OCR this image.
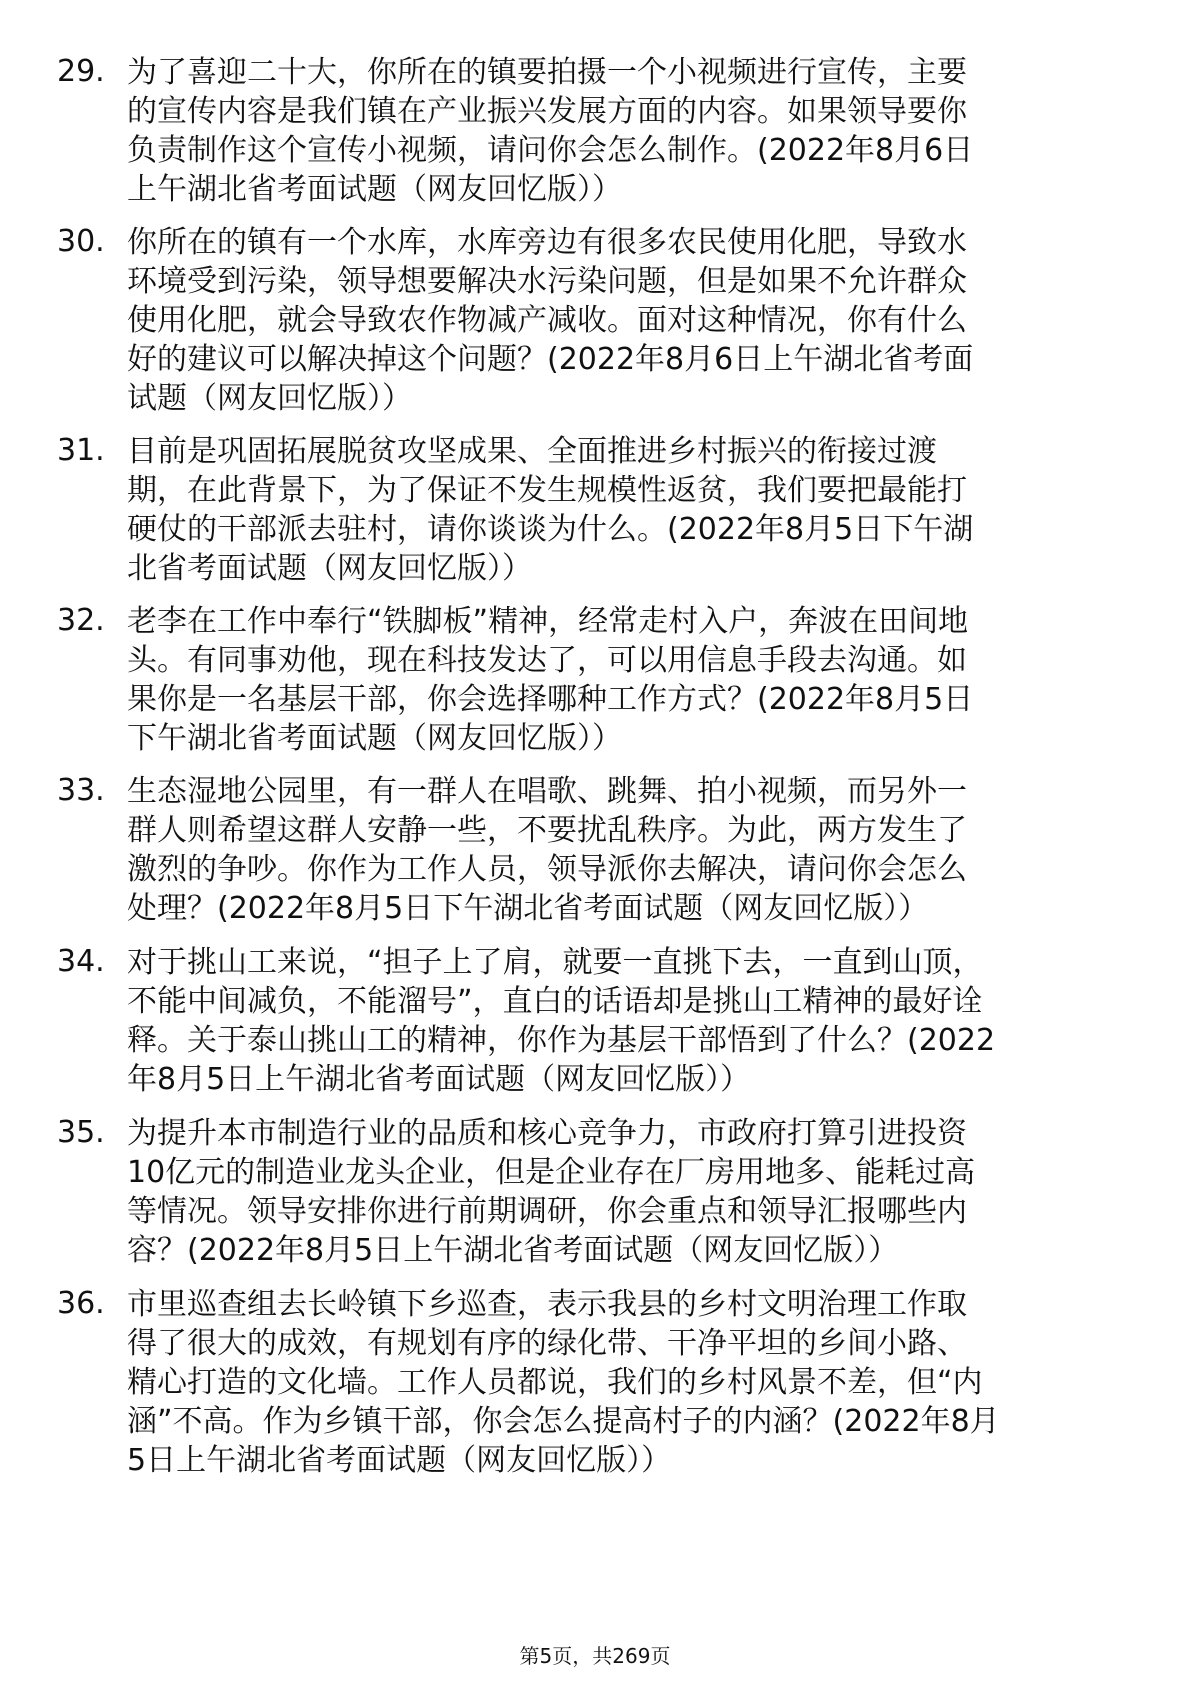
29. 为了喜迎二十大，你所在的镇要拍摄一个小视频进行宣传，主要
的宣传内容是我们镇在产业振兴发展方面的内容。如果领导要你
负责制作这个宣传小视频，请问你会怎么制作。(2022年8月6日
上午湖北省考面试题（网友回忆版））
30. 你所在的镇有一个水库，水库旁边有很多农民使用化肥，导致水
环境受到污染，领导想要解决水污染问题，但是如果不允许群众
使用化肥，就会导致农作物减产减收。面对这种情况，你有什么
好的建议可以解决掉这个问题？(2022年8月6日上午湖北省考面
试题（网友回忆版））
31. 目前是巩固拓展脱贫攻坚成果、全面推进乡村振兴的衔接过渡
期，在此背景下，为了保证不发生规模性返贫，我们要把最能打
硬仗的干部派去驻村，请你谈谈为什么。(2022年8月5日下午湖
北省考面试题（网友回忆版））
32. 老李在工作中奉行“铁脚板”精神，经常走村入户，奔波在田间地
头。有同事劝他，现在科技发达了，可以用信息手段去沟通。如
果你是一名基层干部，你会选择哪种工作方式？(2022年8月5日
下午湖北省考面试题（网友回忆版））
33. 生态湿地公园里，有一群人在唱歌、跳舞、拍小视频，而另外一
群人则希望这群人安静一些，不要扰乱秩序。为此，两方发生了
激烈的争吵。你作为工作人员，领导派你去解决，请问你会怎么
处理？(2022年8月5日下午湖北省考面试题（网友回忆版））
34. 对于挑山工来说，“担子上了肩，就要一直挑下去，一直到山顶，
不能中间减负，不能溜号”，直白的话语却是挑山工精神的最好诠
释。关于泰山挑山工的精神，你作为基层干部悟到了什么？(2022
年8月5日上午湖北省考面试题（网友回忆版））
35. 为提升本市制造行业的品质和核心竞争力，市政府打算引进投资
10亿元的制造业龙头企业，但是企业存在厂房用地多、能耗过高
等情况。领导安排你进行前期调研，你会重点和领导汇报哪些内
容？(2022年8月5日上午湖北省考面试题（网友回忆版））
36. 市里巡查组去长岭镇下乡巡查，表示我县的乡村文明治理工作取
得了很大的成效，有规划有序的绿化带、干净平坦的乡间小路、
精心打造的文化墙。工作人员都说，我们的乡村风景不差，但“内
涵”不高。作为乡镇干部，你会怎么提高村子的内涵？(2022年8月
5日上午湖北省考面试题（网友回忆版））
第5页，共269页
